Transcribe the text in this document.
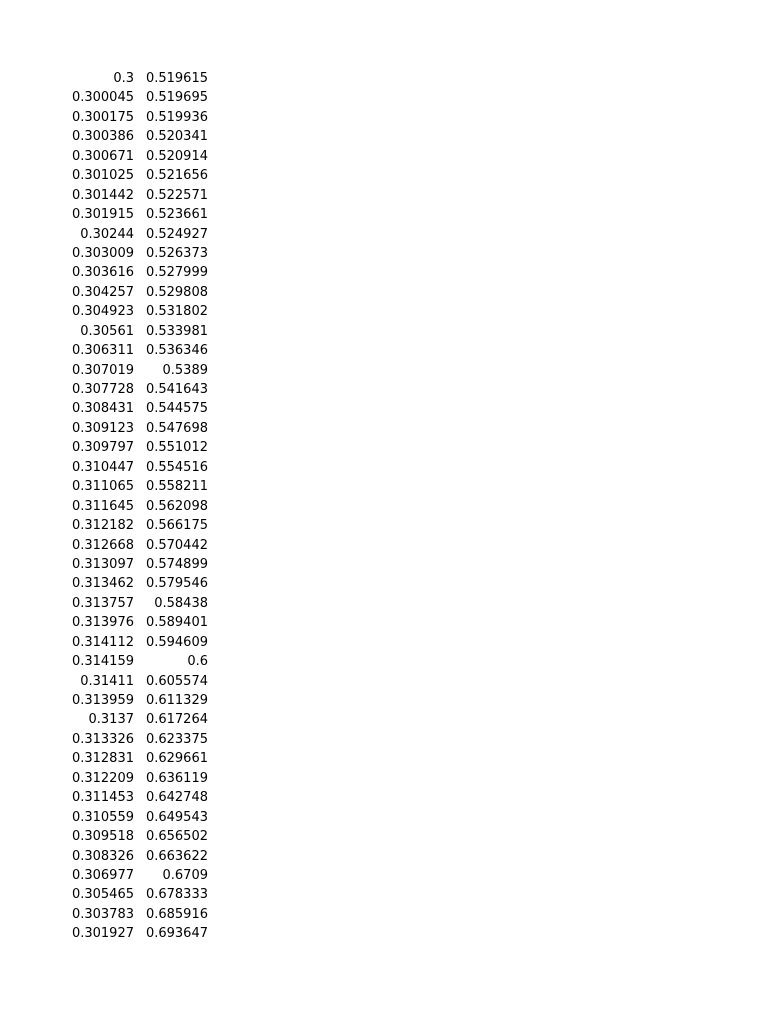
0.3	0.519615
0.300045	0.519695
0.300175	0.519936
0.300386	0.520341
0.300671	0.520914
0.301025	0.521656
0.301442	0.522571
0.301915	0.523661
0.30244	0.524927
0.303009	0.526373
0.303616	0.527999
0.304257	0.529808
0.304923	0.531802
0.30561	0.533981
0.306311	0.536346
0.307019	0.5389
0.307728	0.541643
0.308431	0.544575
0.309123	0.547698
0.309797	0.551012
0.310447	0.554516
0.311065	0.558211
0.311645	0.562098
0.312182	0.566175
0.312668	0.570442
0.313097	0.574899
0.313462	0.579546
0.313757	0.58438
0.313976	0.589401
0.314112	0.594609
0.314159	0.6
0.31411	0.605574
0.313959	0.611329
0.3137	0.617264
0.313326	0.623375
0.312831	0.629661
0.312209	0.636119
0.311453	0.642748
0.310559	0.649543
0.309518	0.656502
0.308326	0.663622
0.306977	0.6709
0.305465	0.678333
0.303783	0.685916
0.301927	0.693647
